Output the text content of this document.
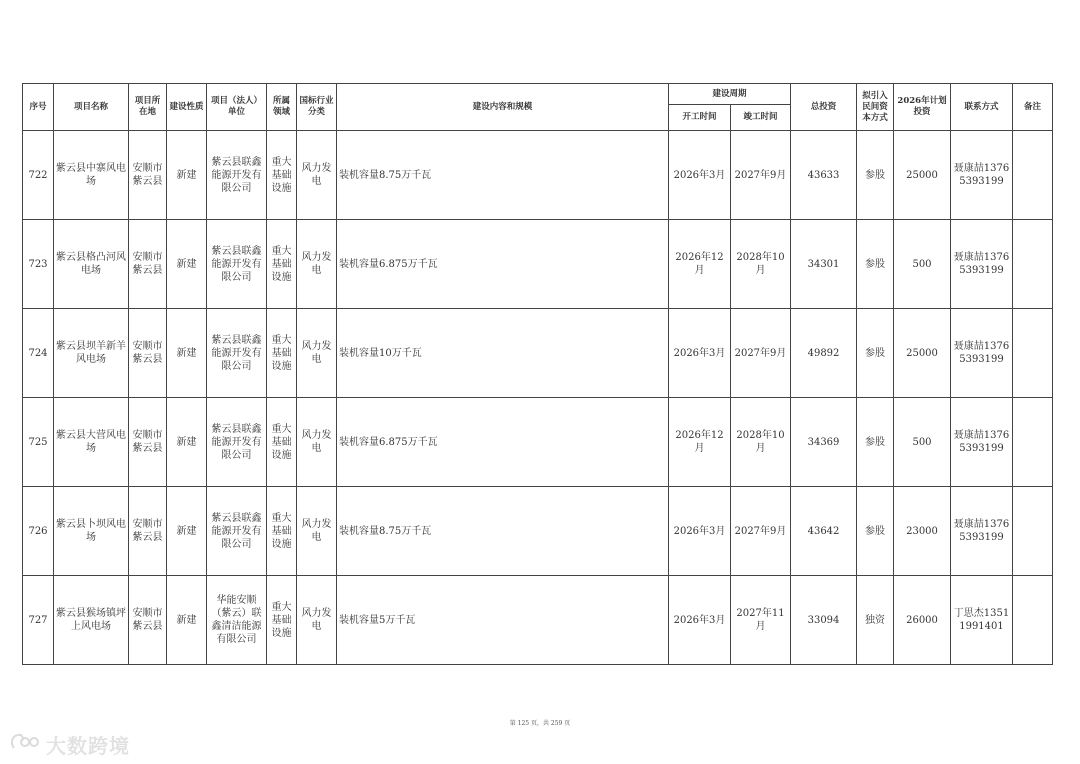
序号	项目名称	项目所在地	建设性质	项目（法人）单位	所属领域	国标行业分类	建设内容和规模	建设周期		总投资	拟引入民间资本方式	2026年计划投资	联系方式	备注
								开工时间	竣工时间					
722	紫云县中寨风电场	安顺市紫云县	新建	紫云县联鑫能源开发有限公司	重大基础设施	风力发电	装机容量8.75万千瓦	2026年3月	2027年9月	43633	参股	25000	聂康喆13765393199	
723	紫云县格凸河风电场	安顺市紫云县	新建	紫云县联鑫能源开发有限公司	重大基础设施	风力发电	装机容量6.875万千瓦	2026年12月	2028年10月	34301	参股	500	聂康喆13765393199	
724	紫云县坝羊新羊风电场	安顺市紫云县	新建	紫云县联鑫能源开发有限公司	重大基础设施	风力发电	装机容量10万千瓦	2026年3月	2027年9月	49892	参股	25000	聂康喆13765393199	
725	紫云县大营风电场	安顺市紫云县	新建	紫云县联鑫能源开发有限公司	重大基础设施	风力发电	装机容量6.875万千瓦	2026年12月	2028年10月	34369	参股	500	聂康喆13765393199	
726	紫云县卜坝风电场	安顺市紫云县	新建	紫云县联鑫能源开发有限公司	重大基础设施	风力发电	装机容量8.75万千瓦	2026年3月	2027年9月	43642	参股	23000	聂康喆13765393199	
727	紫云县猴场镇坪上风电场	安顺市紫云县	新建	华能安顺（紫云）联鑫清洁能源有限公司	重大基础设施	风力发电	装机容量5万千瓦	2026年3月	2027年11月	33094	独资	26000	丁思杰13511991401	
第 125 页，共 259 页
大数跨境
